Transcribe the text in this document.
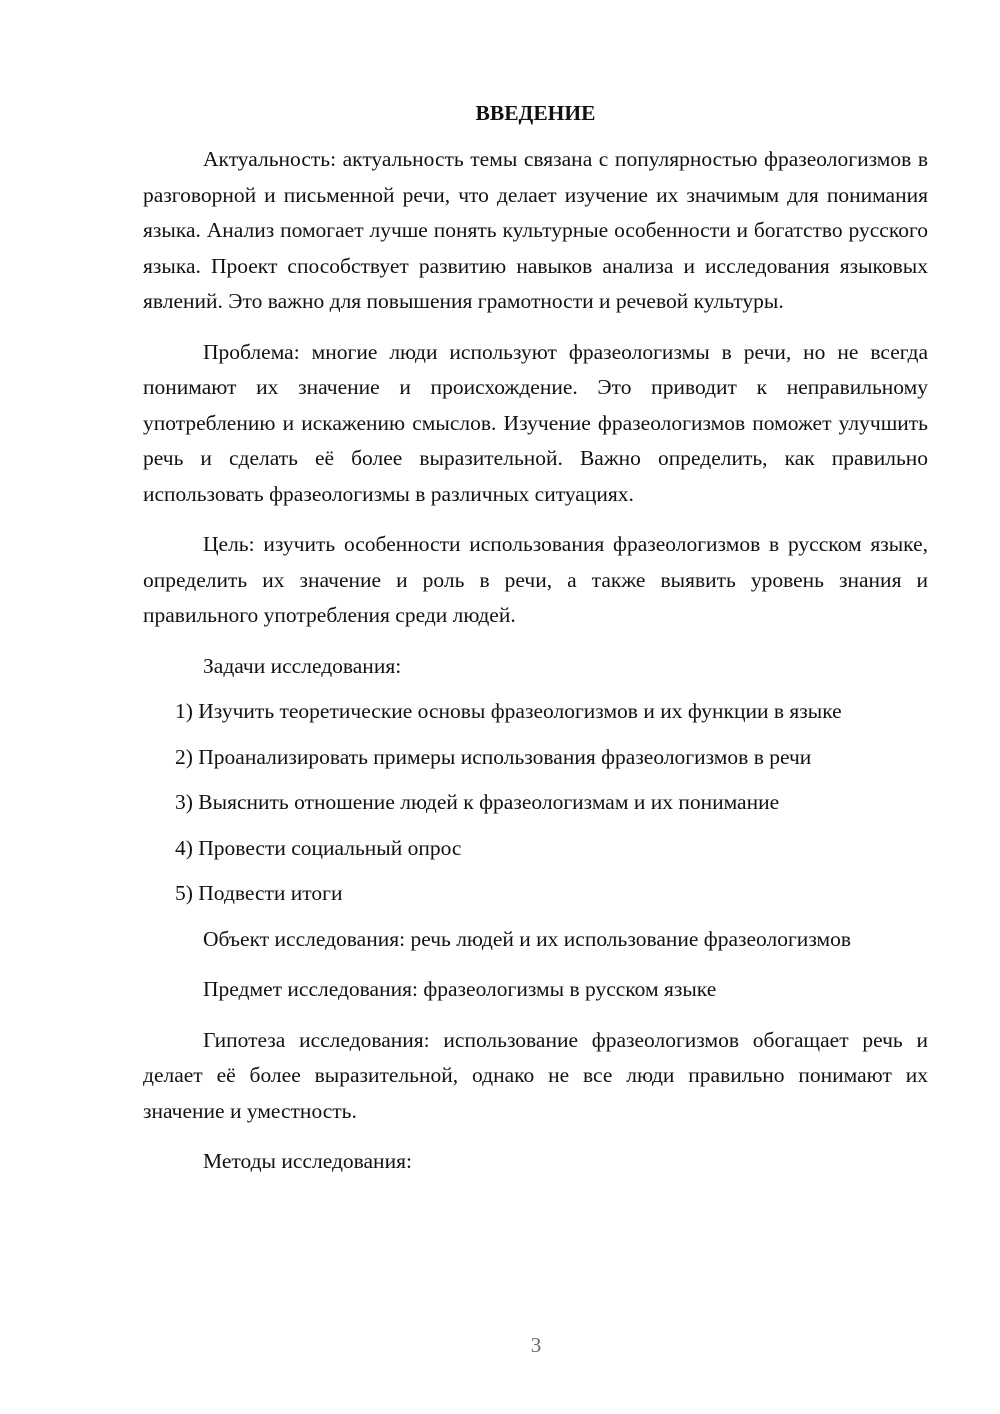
ВВЕДЕНИЕ

Актуальность: актуальность темы связана с популярностью фразеологизмов в разговорной и письменной речи, что делает изучение их значимым для понимания языка. Анализ помогает лучше понять культурные особенности и богатство русского языка. Проект способствует развитию навыков анализа и исследования языковых явлений. Это важно для повышения грамотности и речевой культуры.

Проблема: многие люди используют фразеологизмы в речи, но не всегда понимают их значение и происхождение. Это приводит к неправильному употреблению и искажению смыслов. Изучение фразеологизмов поможет улучшить речь и сделать её более выразительной. Важно определить, как правильно использовать фразеологизмы в различных ситуациях.

Цель: изучить особенности использования фразеологизмов в русском языке, определить их значение и роль в речи, а также выявить уровень знания и правильного употребления среди людей.

Задачи исследования:

1) Изучить теоретические основы фразеологизмов и их функции в языке

2) Проанализировать примеры использования фразеологизмов в речи

3) Выяснить отношение людей к фразеологизмам и их понимание

4) Провести социальный опрос

5) Подвести итоги

Объект исследования: речь людей и их использование фразеологизмов

Предмет исследования: фразеологизмы в русском языке

Гипотеза исследования: использование фразеологизмов обогащает речь и делает её более выразительной, однако не все люди правильно понимают их значение и уместность.

Методы исследования:

3
